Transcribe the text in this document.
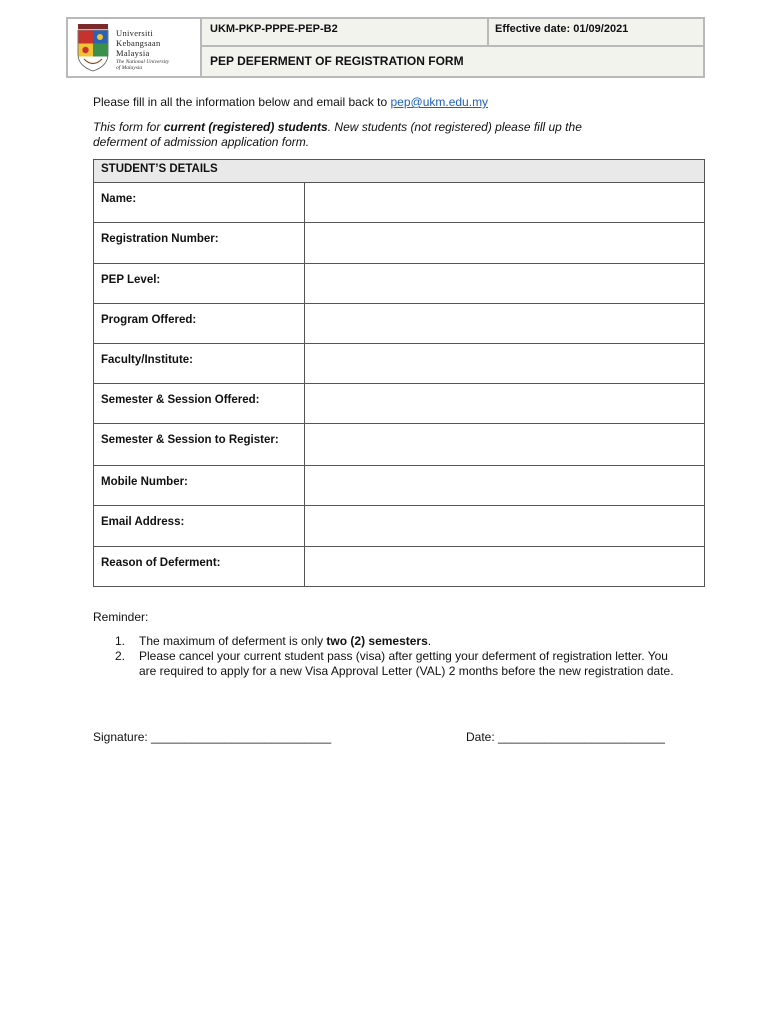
Universiti
Kebangsaan
Malaysia
The National University
of Malaysia
UKM-PKP-PPPE-PEP-B2	Effective date: 01/09/2021
PEP DEFERMENT OF REGISTRATION FORM
Please fill in all the information below and email back to pep@ukm.edu.my
This form for current (registered) students. New students (not registered) please fill up the
deferment of admission application form.
STUDENT’S DETAILS	
Name:	
Registration Number:	
PEP Level:	
Program Offered:	
Faculty/Institute:	
Semester & Session Offered:	
Semester & Session to Register:	
Mobile Number:	
Email Address:	
Reason of Deferment:	
Reminder:
1. The maximum of deferment is only two (2) semesters.
2. Please cancel your current student pass (visa) after getting your deferment of registration letter. You are required to apply for a new Visa Approval Letter (VAL) 2 months before the new registration date.
Signature: ___________________________	Date: _________________________
